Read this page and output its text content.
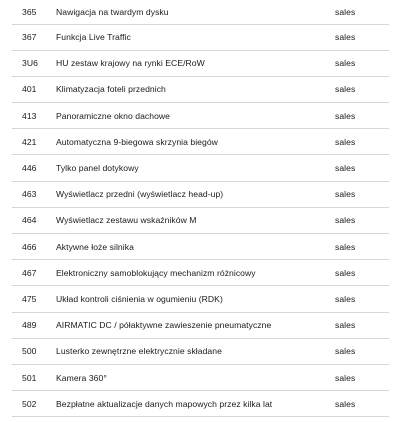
365 Nawigacja na twardym dysku	sales
367 Funkcja Live Traffic	sales
3U6 HU zestaw krajowy na rynki ECE/RoW	sales
401 Klimatyzacja foteli przednich	sales
413 Panoramiczne okno dachowe	sales
421 Automatyczna 9-biegowa skrzynia biegów	sales
446 Tylko panel dotykowy	sales
463 Wyświetlacz przedni (wyświetlacz head-up)	sales
464 Wyświetlacz zestawu wskaźników M	sales
466 Aktywne łoże silnika	sales
467 Elektroniczny samoblokujący mechanizm różnicowy	sales
475 Układ kontroli ciśnienia w ogumieniu (RDK)	sales
489 AIRMATIC DC / półaktywne zawieszenie pneumatyczne	sales
500 Lusterko zewnętrzne elektrycznie składane	sales
501 Kamera 360°	sales
502 Bezpłatne aktualizacje danych mapowych przez kilka lat	sales
